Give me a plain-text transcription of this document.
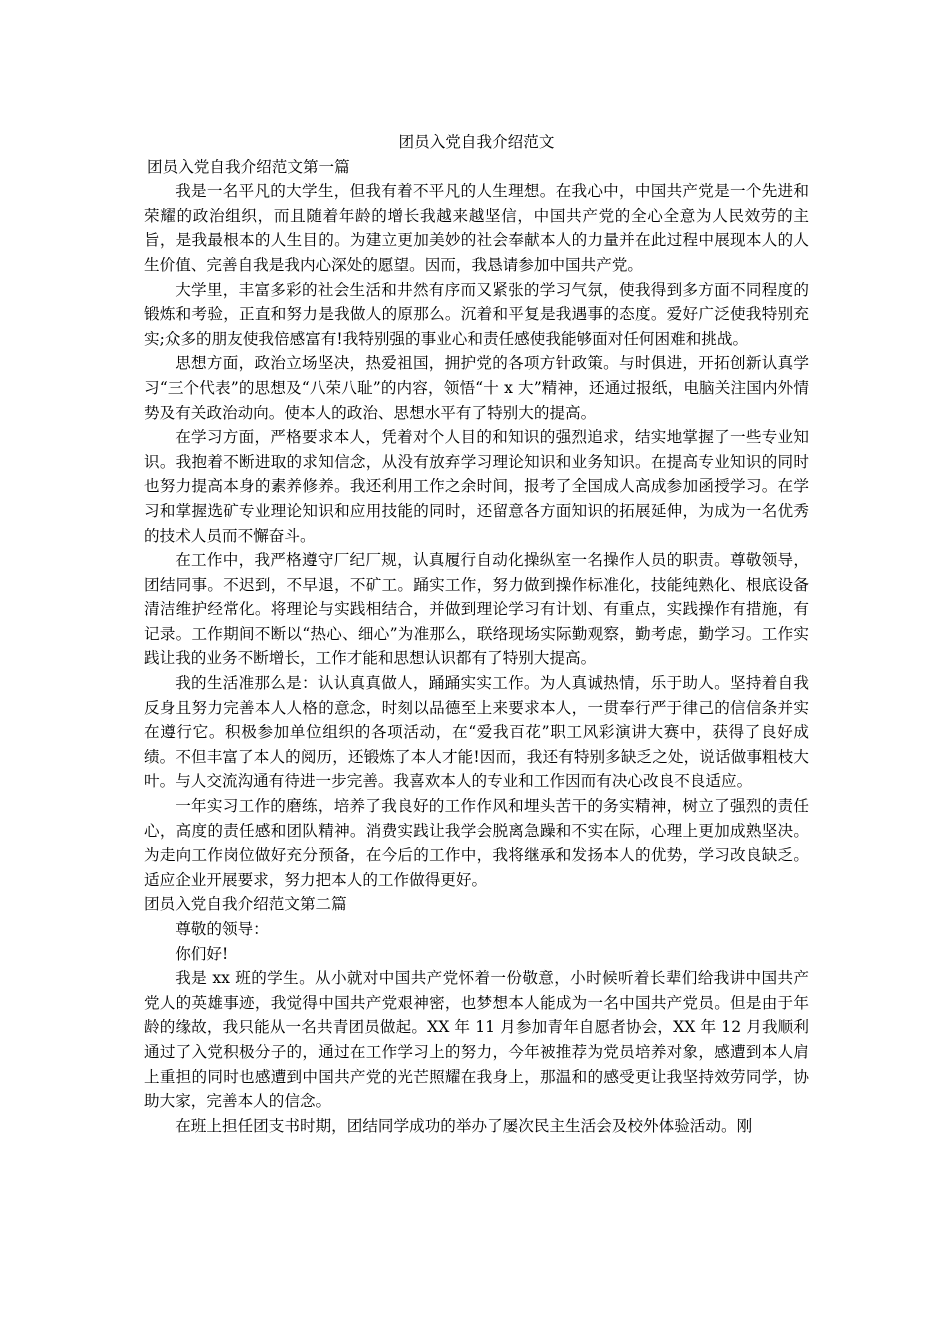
团员入党自我介绍范文
团员入党自我介绍范文第一篇

我是一名平凡的大学生，但我有着不平凡的人生理想。在我心中，中国共产党是一个先进和荣耀的政治组织，而且随着年龄的增长我越来越坚信，中国共产党的全心全意为人民效劳的主旨，是我最根本的人生目的。为建立更加美妙的社会奉献本人的力量并在此过程中展现本人的人生价值、完善自我是我内心深处的愿望。因而，我恳请参加中国共产党。

大学里，丰富多彩的社会生活和井然有序而又紧张的学习气氛，使我得到多方面不同程度的锻炼和考验，正直和努力是我做人的原那么。沉着和平复是我遇事的态度。爱好广泛使我特别充实;众多的朋友使我倍感富有!我特别强的事业心和责任感使我能够面对任何困难和挑战。

思想方面，政治立场坚决，热爱祖国，拥护党的各项方针政策。与时俱进，开拓创新认真学习“三个代表”的思想及“八荣八耻”的内容，领悟“十 x 大”精神，还通过报纸，电脑关注国内外情势及有关政治动向。使本人的政治、思想水平有了特别大的提高。

在学习方面，严格要求本人，凭着对个人目的和知识的强烈追求，结实地掌握了一些专业知识。我抱着不断进取的求知信念，从没有放弃学习理论知识和业务知识。在提高专业知识的同时也努力提高本身的素养修养。我还利用工作之余时间，报考了全国成人高成参加函授学习。在学习和掌握选矿专业理论知识和应用技能的同时，还留意各方面知识的拓展延伸，为成为一名优秀的技术人员而不懈奋斗。

在工作中，我严格遵守厂纪厂规，认真履行自动化操纵室一名操作人员的职责。尊敬领导，团结同事。不迟到，不早退，不矿工。踊实工作，努力做到操作标准化，技能纯熟化、根底设备清洁维护经常化。将理论与实践相结合，并做到理论学习有计划、有重点，实践操作有措施，有记录。工作期间不断以“热心、细心”为准那么，联络现场实际勤观察，勤考虑，勤学习。工作实践让我的业务不断增长，工作才能和思想认识都有了特别大提高。

我的生活准那么是：认认真真做人，踊踊实实工作。为人真诚热情，乐于助人。坚持着自我反身且努力完善本人人格的意念，时刻以品德至上来要求本人，一贯奉行严于律己的信信条并实在遵行它。积极参加单位组织的各项活动，在“爱我百花”职工风彩演讲大赛中，获得了良好成绩。不但丰富了本人的阅历，还锻炼了本人才能!因而，我还有特别多缺乏之处，说话做事粗枝大叶。与人交流沟通有待进一步完善。我喜欢本人的专业和工作因而有决心改良不良适应。

一年实习工作的磨练，培养了我良好的工作作风和埋头苦干的务实精神，树立了强烈的责任心，高度的责任感和团队精神。消费实践让我学会脱离急躁和不实在际，心理上更加成熟坚决。为走向工作岗位做好充分预备，在今后的工作中，我将继承和发扬本人的优势，学习改良缺乏。适应企业开展要求，努力把本人的工作做得更好。

团员入党自我介绍范文第二篇

尊敬的领导：

你们好!

我是 xx 班的学生。从小就对中国共产党怀着一份敬意，小时候听着长辈们给我讲中国共产党人的英雄事迹，我觉得中国共产党艰神密，也梦想本人能成为一名中国共产党员。但是由于年龄的缘故，我只能从一名共青团员做起。XX 年 11 月参加青年自愿者协会，XX 年 12 月我顺利通过了入党积极分子的，通过在工作学习上的努力，今年被推荐为党员培养对象，感遭到本人肩上重担的同时也感遭到中国共产党的光芒照耀在我身上，那温和的感受更让我坚持效劳同学，协助大家，完善本人的信念。

在班上担任团支书时期，团结同学成功的举办了屡次民主生活会及校外体验活动。刚
